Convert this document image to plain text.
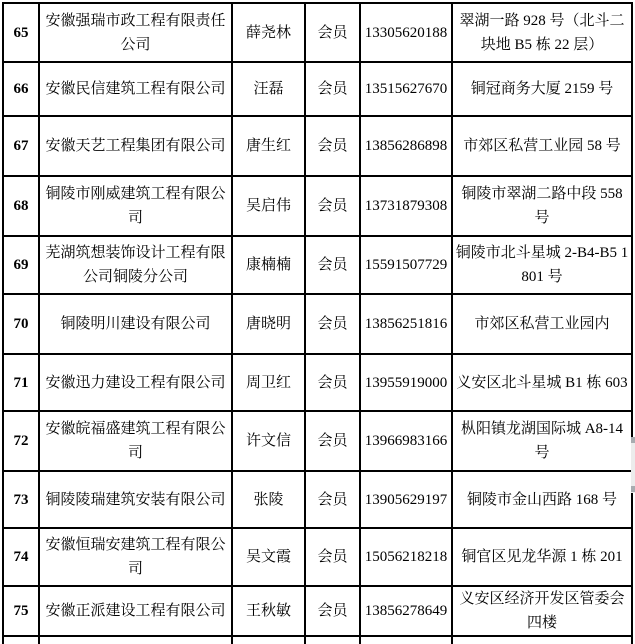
65	安徽强瑞市政工程有限责任公司	薛尧林	会员	13305620188	翠湖一路 928 号（北斗二块地 B5 栋 22 层）
66	安徽民信建筑工程有限公司	汪磊	会员	13515627670	铜冠商务大厦 2159 号
67	安徽天艺工程集团有限公司	唐生红	会员	13856286898	市郊区私营工业园 58 号
68	铜陵市刚威建筑工程有限公司	吴启伟	会员	13731879308	铜陵市翠湖二路中段 558 号
69	芜湖筑想装饰设计工程有限公司铜陵分公司	康楠楠	会员	15591507729	铜陵市北斗星城 2-B4-B5 1801 号
70	铜陵明川建设有限公司	唐晓明	会员	13856251816	市郊区私营工业园内
71	安徽迅力建设工程有限公司	周卫红	会员	13955919000	义安区北斗星城 B1 栋 603
72	安徽皖福盛建筑工程有限公司	许文信	会员	13966983166	枞阳镇龙湖国际城 A8-14 号
73	铜陵陵瑞建筑安装有限公司	张陵	会员	13905629197	铜陵市金山西路 168 号
74	安徽恒瑞安建筑工程有限公司	吴文霞	会员	15056218218	铜官区见龙华源 1 栋 201
75	安徽正派建设工程有限公司	王秋敏	会员	13856278649	义安区经济开发区管委会四楼
